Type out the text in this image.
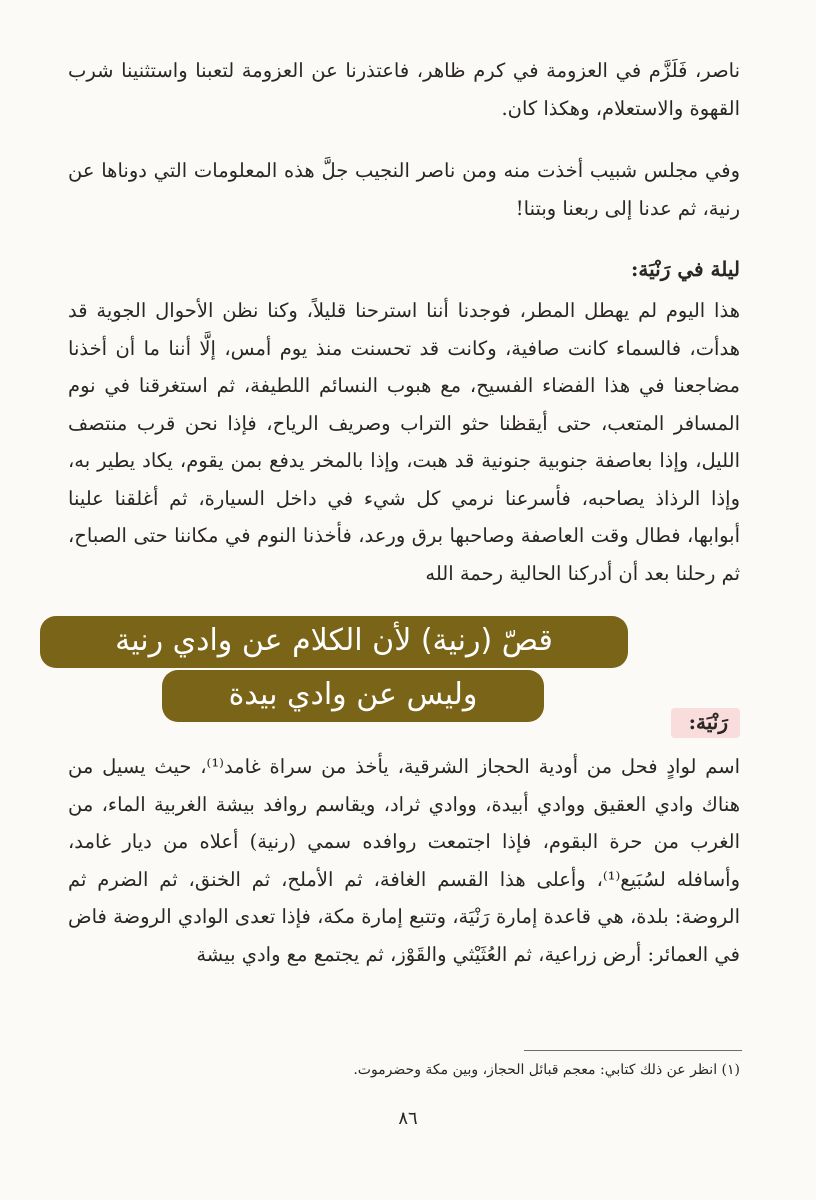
ناصر، فَلَزَّم في العزومة في كرم ظاهر، فاعتذرنا عن العزومة لتعبنا واستثنينا شرب القهوة والاستعلام، وهكذا كان.

وفي مجلس شبيب أخذت منه ومن ناصر النجيب جلَّ هذه المعلومات التي دوناها عن رنية، ثم عدنا إلى ربعنا وبتنا!

ليلة في رَنْيَة:

هذا اليوم لم يهطل المطر، فوجدنا أننا استرحنا قليلاً، وكنا نظن الأحوال الجوية قد هدأت، فالسماء كانت صافية، وكانت قد تحسنت منذ يوم أمس، إلَّا أننا ما أن أخذنا مضاجعنا في هذا الفضاء الفسيح، مع هبوب النسائم اللطيفة، ثم استغرقنا في نوم المسافر المتعب، حتى أيقظنا حثو التراب وصريف الرياح، فإذا نحن قرب منتصف الليل، وإذا بعاصفة جنوبية جنونية قد هبت، وإذا بالمخر يدفع بمن يقوم، يكاد يطير به، وإذا الرذاذ يصاحبه، فأسرعنا نرمي كل شيء في داخل السيارة، ثم أغلقنا علينا أبوابها، فطال وقت العاصفة وصاحبها برق ورعد، فأخذنا النوم في مكاننا حتى الصباح، ثم رحلنا بعد أن أدركنا الحالية رحمة الله

رَنْيَة:

اسم لوادٍ فحل من أودية الحجاز الشرقية، يأخذ من سراة غامد⁽¹⁾، حيث يسيل من هناك وادي العقيق ووادي أبيدة، ووادي ثراد، ويقاسم روافد بيشة الغربية الماء، من الغرب من حرة البقوم، فإذا اجتمعت روافده سمي (رنية) أعلاه من ديار غامد، وأسافله لسُبَيع⁽¹⁾، وأعلى هذا القسم الغافة، ثم الأملح، ثم الخنق، ثم الضرم ثم الروضة: بلدة، هي قاعدة إمارة رَنْيَة، وتتبع إمارة مكة، فإذا تعدى الوادي الروضة فاض في العمائر: أرض زراعية، ثم العُثَيْثي والقَوْز، ثم يجتمع مع وادي بيشة

(١) انظر عن ذلك كتابي: معجم قبائل الحجاز، وبين مكة وحضرموت.

٨٦

قصّ (رنية) لأن الكلام عن وادي رنية
وليس عن وادي بيدة
